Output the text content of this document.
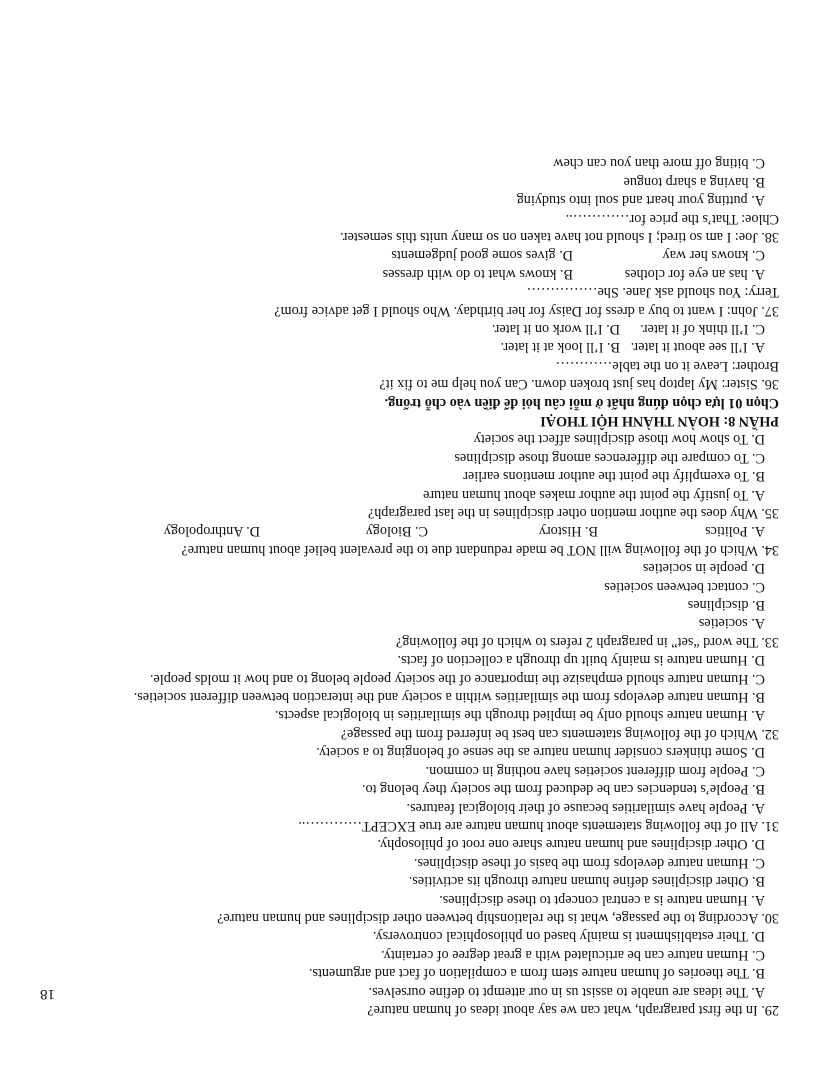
29. In the first paragraph, what can we say about ideas of human nature?
A. The ideas are unable to assist us in our attempt to define ourselves.
B. The theories of human nature stem from a compilation of fact and arguments.
C. Human nature can be articulated with a great degree of certainty.
D. Their establishment is mainly based on philosophical controversy.
30. According to the passage, what is the relationship between other disciplines and human nature?
A. Human nature is a central concept to these disciplines.
B. Other disciplines define human nature through its activities.
C. Human nature develops from the basis of these disciplines.
D. Other disciplines and human nature share one root of philosophy.
31. All of the following statements about human nature are true EXCEPT…………..
A. People have similarities because of their biological features.
B. People’s tendencies can be deduced from the society they belong to.
C. People from different societies have nothing in common.
D. Some thinkers consider human nature as the sense of belonging to a society.
32. Which of the following statements can best be inferred from the passage?
A. Human nature should only be implied through the similarities in biological aspects.
B. Human nature develops from the similarities within a society and the interaction between different societies.
C. Human nature should emphasize the importance of the society people belong to and how it molds people.
D. Human nature is mainly built up through a collection of facts.
33. The word “set” in paragraph 2 refers to which of the following?
A. societies
B. disciplines
C. contact between societies
D. people in societies
34. Which of the following will NOT be made redundant due to the prevalent belief about human nature?
A. Politics
B. History
C. Biology
D. Anthropology
35. Why does the author mention other disciplines in the last paragraph?
A. To justify the point the author makes about human nature
B. To exemplify the point the author mentions earlier
C. To compare the differences among those disciplines
D. To show how those disciplines affect the society
PHẦN 8: HOÀN THÀNH HỘI THOẠI
Chọn 01 lựa chọn đúng nhất ở mỗi câu hỏi để điền vào chỗ trống.
36. Sister: My laptop has just broken down. Can you help me to fix it?
Brother: Leave it on the table…………
A. I’ll see about it later.
B. I’ll look at it later.
C. I’ll think of it later.
D. I’ll work on it later.
37. John: I want to buy a dress for Daisy for her birthday. Who should I get advice from?
Terry: You should ask Jane. She……………
A. has an eye for clothes
B. knows what to do with dresses
C. knows her way
D. gives some good judgements
38. Joe: I am so tired; I should not have taken on so many units this semester.
Chloe: That’s the price for…………..
A. putting your heart and soul into studying
B. having a sharp tongue
C. biting off more than you can chew
18
